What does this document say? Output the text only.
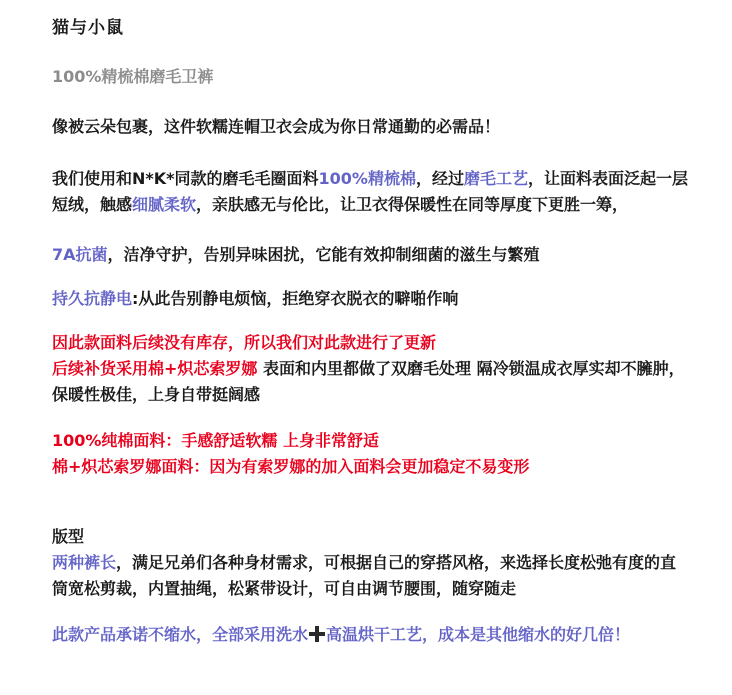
猫与小鼠

100%精梳棉磨毛卫裤

像被云朵包裹，这件软糯连帽卫衣会成为你日常通勤的必需品！

我们使用和N*K*同款的磨毛毛圈面料100%精梳棉，经过磨毛工艺，让面料表面泛起一层短绒，触感细腻柔软，亲肤感无与伦比，让卫衣得保暖性在同等厚度下更胜一筹，

7A抗菌，洁净守护，告别异味困扰，它能有效抑制细菌的滋生与繁殖

持久抗静电:从此告别静电烦恼，拒绝穿衣脱衣的噼啪作响

因此款面料后续没有库存，所以我们对此款进行了更新

后续补货采用棉+炽芯索罗娜 表面和内里都做了双磨毛处理 隔冷锁温成衣厚实却不臃肿，保暖性极佳，上身自带挺阔感

100%纯棉面料：手感舒适软糯 上身非常舒适

棉+炽芯索罗娜面料：因为有索罗娜的加入面料会更加稳定不易变形

版型

两种裤长，满足兄弟们各种身材需求，可根据自己的穿搭风格，来选择长度松弛有度的直筒宽松剪裁，内置抽绳，松紧带设计，可自由调节腰围，随穿随走

此款产品承诺不缩水，全部采用洗水 高温烘干工艺，成本是其他缩水的好几倍！
